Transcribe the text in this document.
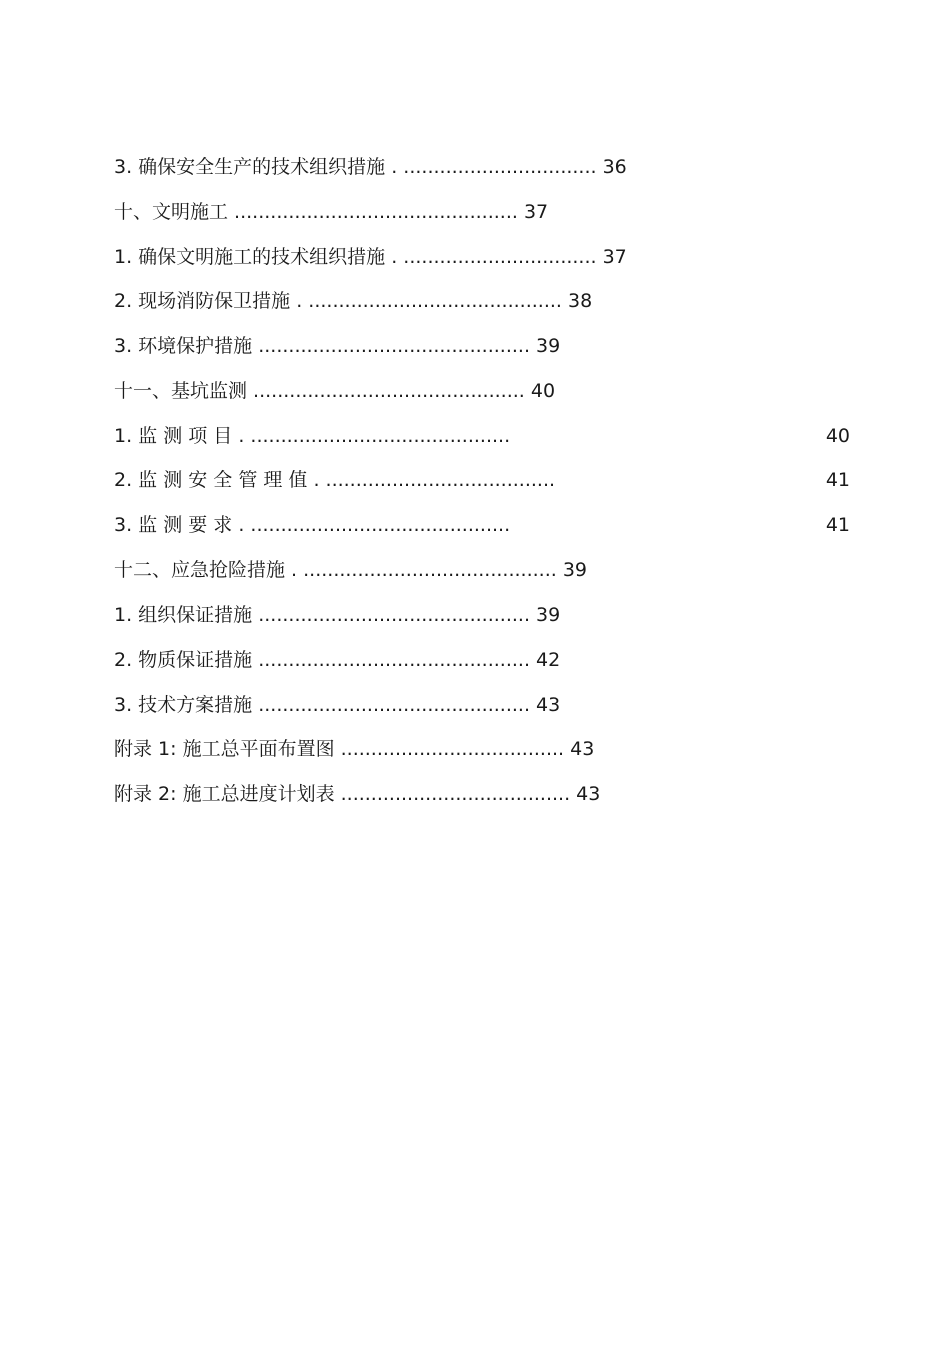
3. 确保安全生产的技术组织措施 . ................................ 36
十、文明施工 ............................................... 37
1. 确保文明施工的技术组织措施 . ................................ 37
2. 现场消防保卫措施 . .......................................... 38
3. 环境保护措施 ............................................. 39
十一、基坑监测 ............................................. 40
1. 监 测 项 目 . ...........................................	40
2. 监 测 安 全 管 理 值 . ......................................	41
3. 监 测 要 求 . ...........................................	41
十二、应急抢险措施 . .......................................... 39
1. 组织保证措施 ............................................. 39
2. 物质保证措施 ............................................. 42
3. 技术方案措施 ............................................. 43
附录 1: 施工总平面布置图 ..................................... 43
附录 2: 施工总进度计划表 ...................................... 43
